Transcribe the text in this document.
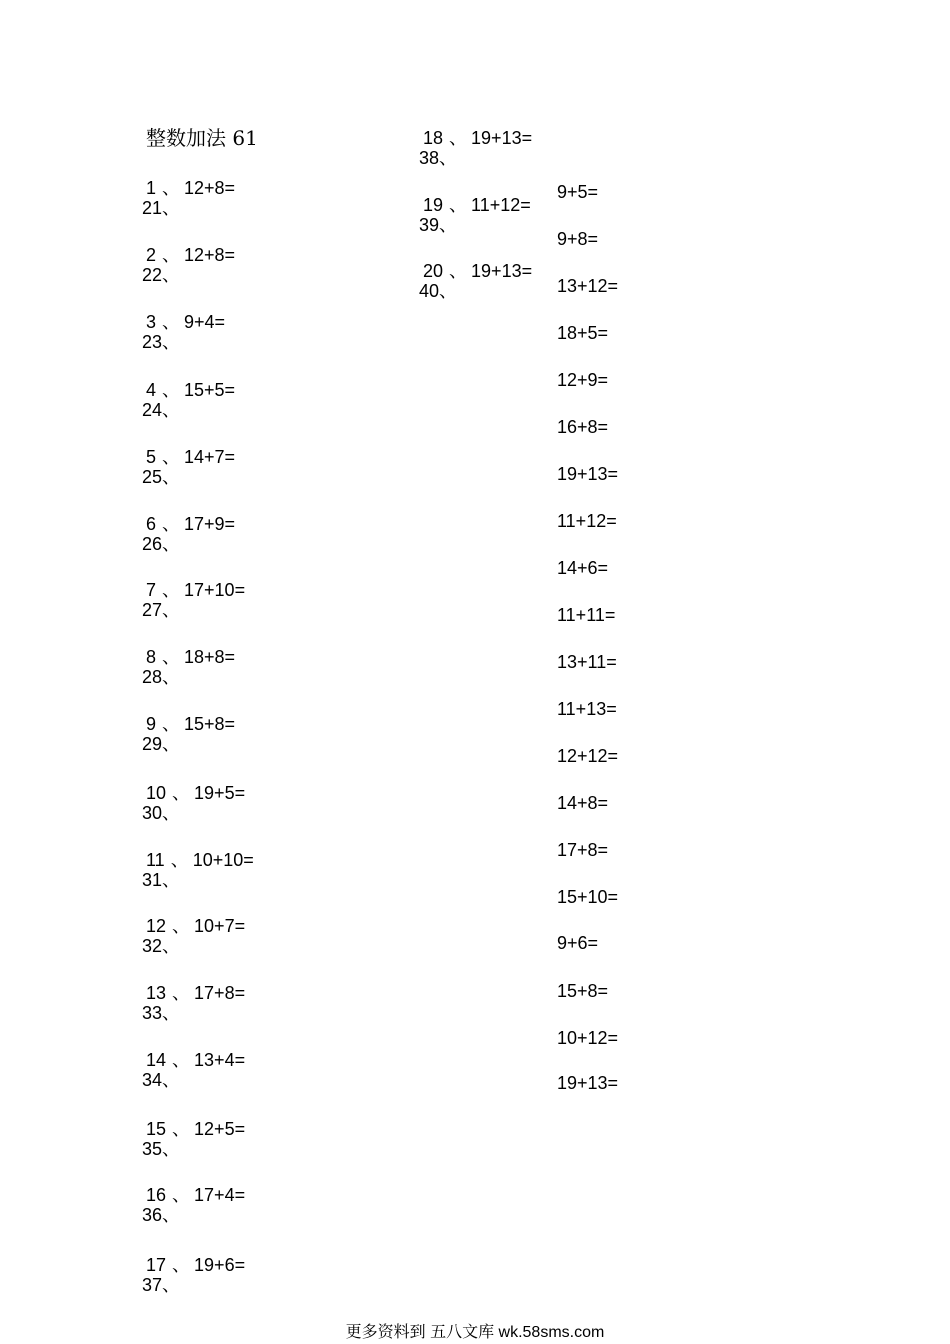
整数加法 61
1 、 12+8=
21、
2 、 12+8=
22、
3 、 9+4=
23、
4 、 15+5=
24、
5 、 14+7=
25、
6 、 17+9=
26、
7 、 17+10=
27、
8 、 18+8=
28、
9 、 15+8=
29、
10 、 19+5=
30、
11 、 10+10=
31、
12 、 10+7=
32、
13 、 17+8=
33、
14 、 13+4=
34、
15 、 12+5=
35、
16 、 17+4=
36、
17 、 19+6=
37、
18 、 19+13=
38、
19 、 11+12=
39、
20 、 19+13=
40、
9+5=
9+8=
13+12=
18+5=
12+9=
16+8=
19+13=
11+12=
14+6=
11+11=
13+11=
11+13=
12+12=
14+8=
17+8=
15+10=
9+6=
15+8=
10+12=
19+13=
更多资料到 五八文库 wk.58sms.com
